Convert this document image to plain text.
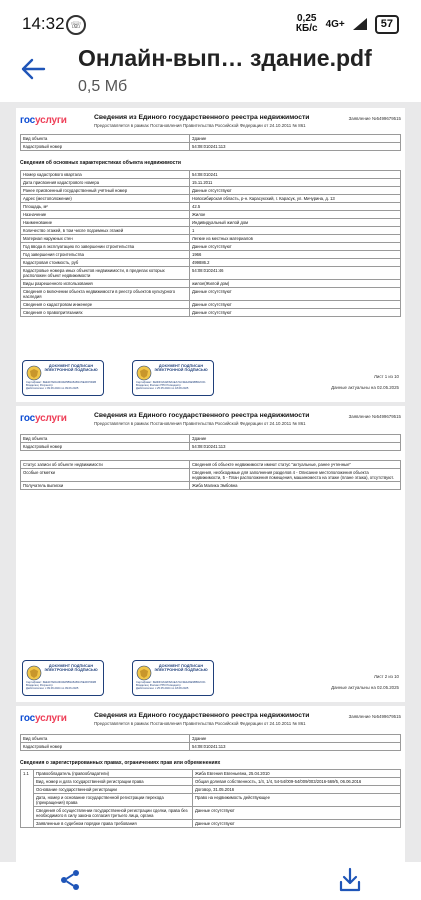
14:32 ☏
0,25
КБ/с 4G+	57
Онлайн-вып… здание.pdf
0,5 Мб
госуслуги	Сведения из Единого государственного реестра недвижимости
Предоставляется в рамках Постановления Правительства Российской Федерации от 24.10.2011 № 861
Заявление №5499679515
Вид объекта	Здание
Кадастровый номер	54:08:010241:113
Сведения об основных характеристиках объекта недвижимости
Номер кадастрового квартала	54:08:010241
Дата присвоения кадастрового номера	15.11.2011
Ранее присвоенный государственный учётный номер	Данные отсутствуют
Адрес (местоположение)	Новосибирская область, р-н. Карасукский, г. Карасук, ул. Мичурина, д. 13
Площадь, м²	42.5
Назначение	Жилое
Наименование	Индивидуальный жилой дом
Количество этажей, в том числе подземных этажей	1
Материал наружных стен	Легкие из местных материалов
Год ввода в эксплуатацию по завершении строительства	Данные отсутствуют
Год завершения строительства	1966
Кадастровая стоимость, руб	499886.2
Кадастровые номера иных объектов недвижимости, в пределах которых расположен объект недвижимости	54:08:010241:46
Виды разрешенного использования	жилое(Жилой дом)
Сведения о включении объекта недвижимости в реестр объектов культурного наследия	Данные отсутствуют
Сведения о кадастровом инженере	Данные отсутствуют
Сведения о правопритязаниях	Данные отсутствуют
ДОКУМЕНТ ПОДПИСАН ЭЛЕКТРОННОЙ ПОДПИСЬЮ
Сертификат: 6EE1F7EDA0D49A5B9A5AB1C5E4FF5D2B
Владелец: Росреестр
Действителен: с 09.06.2024 по 09.06.2025
ДОКУМЕНТ ПОДПИСАН ЭЛЕКТРОННОЙ ПОДПИСЬЮ
Сертификат: 6E0DF0A32F8A1EA7AC3E4A6E9B5D2C01
Владелец: Филиал ППК Роскадастр
Действителен: с 25.05.2024 по 18.08.2025
Лист 1 из 10
Данные актуальны на 02.05.2025
госуслуги	Сведения из Единого государственного реестра недвижимости
Предоставляется в рамках Постановления Правительства Российской Федерации от 24.10.2011 № 861
Заявление №5499679515
Вид объекта	Здание
Кадастровый номер	54:08:010241:113
Статус записи об объекте недвижимости	Сведения об объекте недвижимости имеют статус "актуальные, ранее учтенные"
Особые отметки	Сведения, необходимые для заполнения разделов 4 - Описание местоположения объекта недвижимости, 5 - План расположения помещения, машиноместа на этаже (плане этажа), отсутствуют.
Получатель выписки	Жиба Малика Эмбовна
ДОКУМЕНТ ПОДПИСАН ЭЛЕКТРОННОЙ ПОДПИСЬЮ
Сертификат: 6EE1F7EDA0D49A5B9A5AB1C5E4FF5D2B
Владелец: Росреестр
Действителен: с 09.06.2024 по 09.06.2025
ДОКУМЕНТ ПОДПИСАН ЭЛЕКТРОННОЙ ПОДПИСЬЮ
Сертификат: 6E0DF0A32F8A1EA7AC3E4A6E9B5D2C01
Владелец: Филиал ППК Роскадастр
Действителен: с 25.05.2024 по 18.08.2025
Лист 2 из 10
Данные актуальны на 02.05.2025
госуслуги	Сведения из Единого государственного реестра недвижимости
Предоставляется в рамках Постановления Правительства Российской Федерации от 24.10.2011 № 861
Заявление №5499679515
Вид объекта	Здание
Кадастровый номер	54:08:010241:113
Сведения о зарегистрированных правах, ограничениях прав или обременениях
1.1	Правообладатель (правообладатели)	Жиба Евгения Евгеньевна, 25.04.2010
	Вид, номер и дата государственной регистрации права	Общая долевая собственность, 1/4, 1/4, 54-54/009-54/009/003/2016-569/5, 06.06.2016
	Основание государственной регистрации	Договор, 31.05.2016
	Дата, номер и основание государственной регистрации перехода (прекращения) права	Право на недвижимость действующее
	Сведения об осуществлении государственной регистрации сделки, права без необходимого в силу закона согласия третьего лица, органа	Данные отсутствуют
	Заявленные в судебном порядке права требования	Данные отсутствуют
